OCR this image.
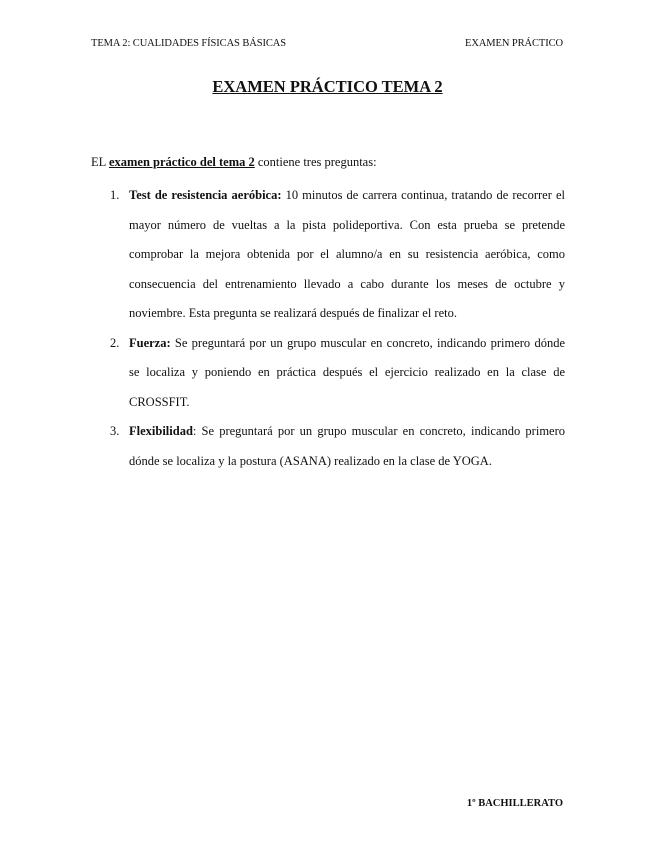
TEMA 2: CUALIDADES FÍSICAS BÁSICAS	EXAMEN PRÁCTICO
EXAMEN PRÁCTICO TEMA 2
EL examen práctico del tema 2 contiene tres preguntas:
1. Test de resistencia aeróbica: 10 minutos de carrera continua, tratando de recorrer el mayor número de vueltas a la pista polideportiva. Con esta prueba se pretende comprobar la mejora obtenida por el alumno/a en su resistencia aeróbica, como consecuencia del entrenamiento llevado a cabo durante los meses de octubre y noviembre. Esta pregunta se realizará después de finalizar el reto.
2. Fuerza: Se preguntará por un grupo muscular en concreto, indicando primero dónde se localiza y poniendo en práctica después el ejercicio realizado en la clase de CROSSFIT.
3. Flexibilidad: Se preguntará por un grupo muscular en concreto, indicando primero dónde se localiza y la postura (ASANA) realizado en la clase de YOGA.
1º BACHILLERATO
